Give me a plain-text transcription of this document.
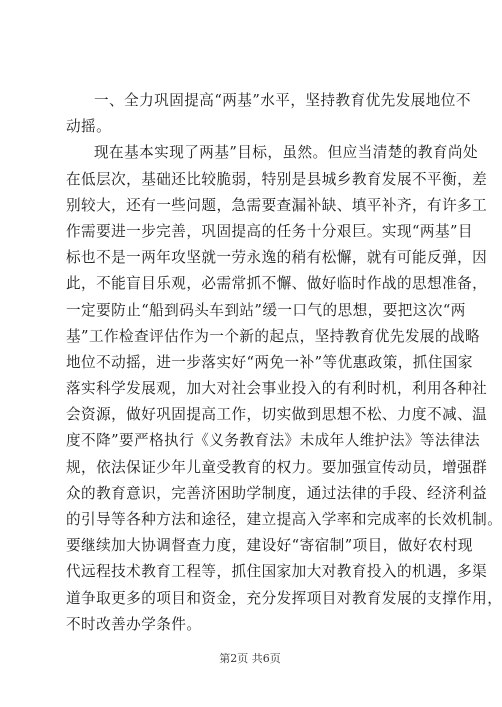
一、全力巩固提高“两基”水平，坚持教育优先发展地位不
动摇。
现在基本实现了两基”目标，虽然。但应当清楚的教育尚处
在低层次，基础还比较脆弱，特别是县城乡教育发展不平衡，差
别较大，还有一些问题，急需要查漏补缺、填平补齐，有许多工
作需要进一步完善，巩固提高的任务十分艰巨。实现“两基”目
标也不是一两年攻坚就一劳永逸的稍有松懈，就有可能反弹，因
此，不能盲目乐观，必需常抓不懈、做好临时作战的思想准备，
一定要防止“船到码头车到站”缓一口气的思想，要把这次“两
基”工作检查评估作为一个新的起点，坚持教育优先发展的战略
地位不动摇，进一步落实好“两免一补”等优惠政策，抓住国家
落实科学发展观，加大对社会事业投入的有利时机，利用各种社
会资源，做好巩固提高工作，切实做到思想不松、力度不减、温
度不降”要严格执行《义务教育法》未成年人维护法》等法律法
规，依法保证少年儿童受教育的权力。要加强宣传动员，增强群
众的教育意识，完善济困助学制度，通过法律的手段、经济利益
的引导等各种方法和途径，建立提高入学率和完成率的长效机制。
要继续加大协调督查力度，建设好“寄宿制”项目，做好农村现
代远程技术教育工程等，抓住国家加大对教育投入的机遇，多渠
道争取更多的项目和资金，充分发挥项目对教育发展的支撑作用，
不时改善办学条件。
第2页 共6页
